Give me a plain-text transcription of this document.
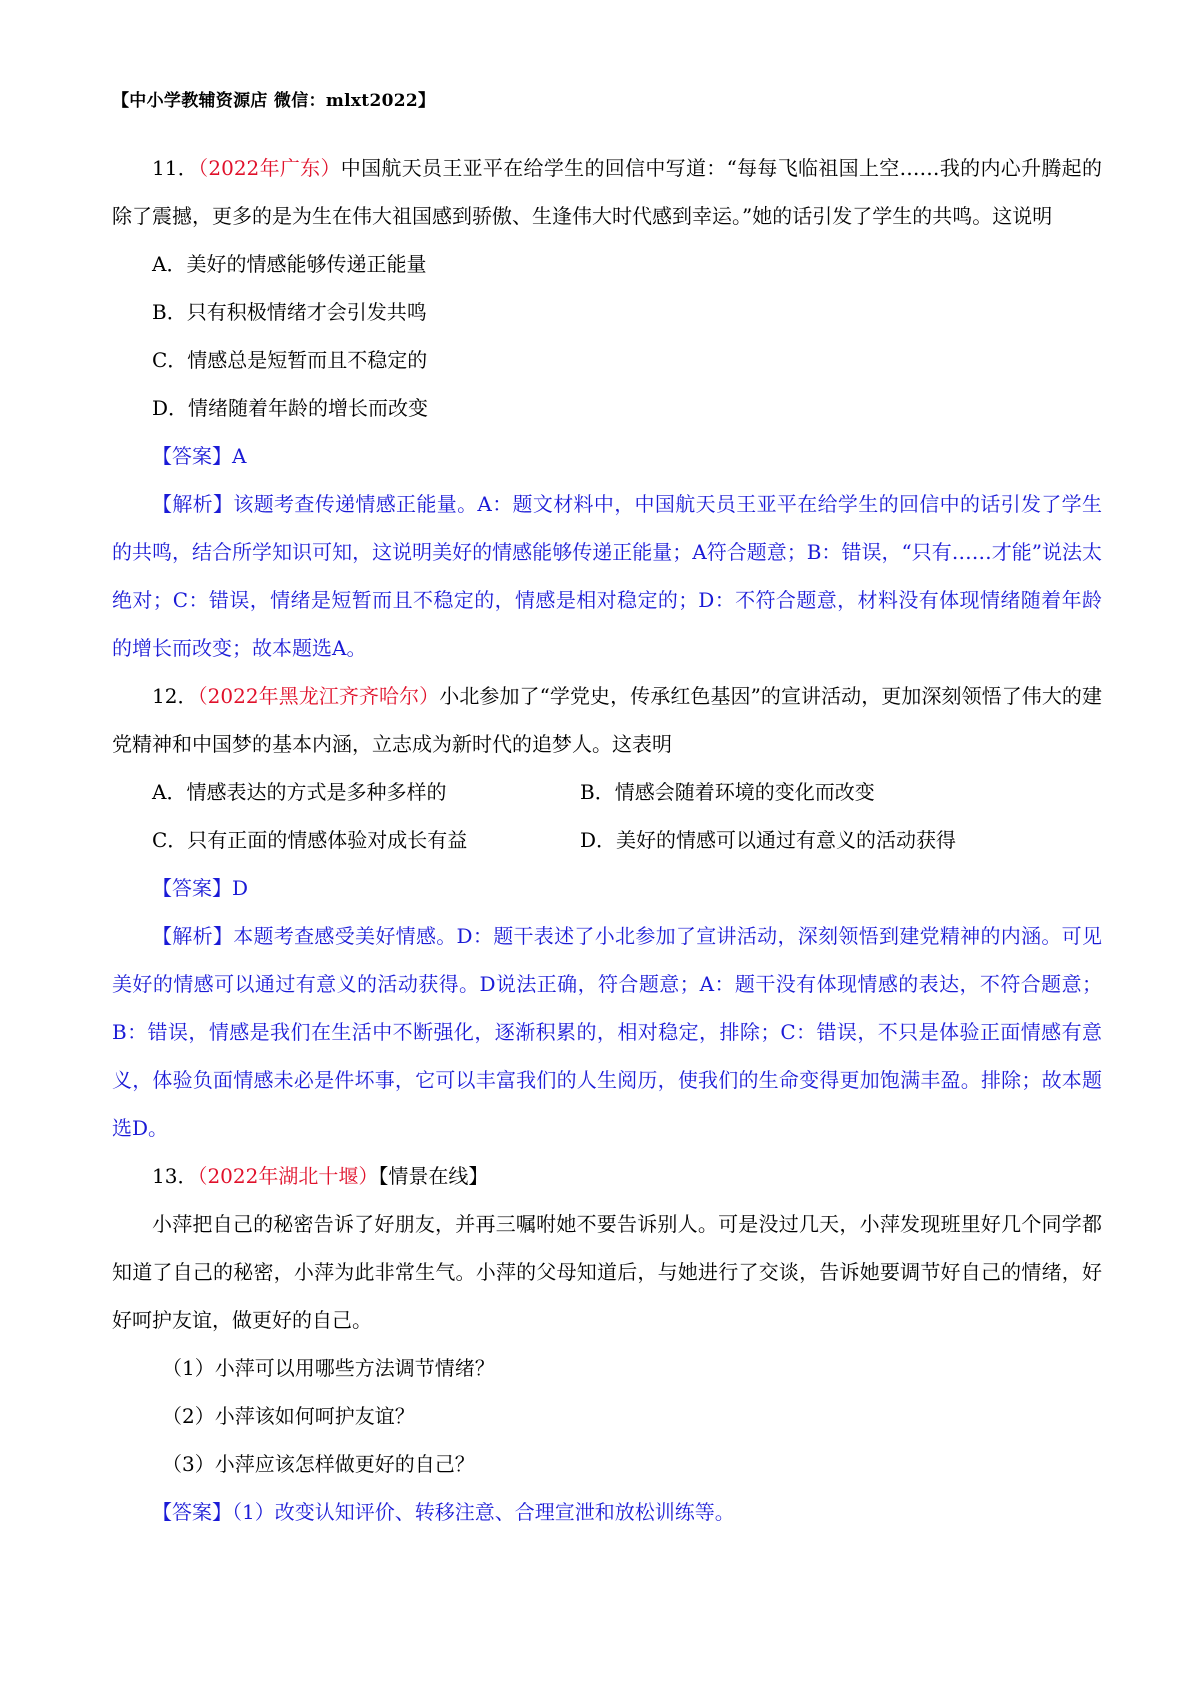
【中小学教辅资源店 微信：mlxt2022】

11．（2022年广东）中国航天员王亚平在给学生的回信中写道：“每每飞临祖国上空……我的内心升腾起的除了震撼，更多的是为生在伟大祖国感到骄傲、生逢伟大时代感到幸运。”她的话引发了学生的共鸣。这说明

A．美好的情感能够传递正能量

B．只有积极情绪才会引发共鸣

C．情感总是短暂而且不稳定的

D．情绪随着年龄的增长而改变

【答案】A

【解析】该题考查传递情感正能量。A：题文材料中，中国航天员王亚平在给学生的回信中的话引发了学生的共鸣，结合所学知识可知，这说明美好的情感能够传递正能量；A符合题意；B：错误，“只有……才能”说法太绝对；C：错误，情绪是短暂而且不稳定的，情感是相对稳定的；D：不符合题意，材料没有体现情绪随着年龄的增长而改变；故本题选A。

12．（2022年黑龙江齐齐哈尔）小北参加了“学党史，传承红色基因”的宣讲活动，更加深刻领悟了伟大的建党精神和中国梦的基本内涵，立志成为新时代的追梦人。这表明

A．情感表达的方式是多种多样的	B．情感会随着环境的变化而改变
C．只有正面的情感体验对成长有益	D．美好的情感可以通过有意义的活动获得

【答案】D

【解析】本题考查感受美好情感。D：题干表述了小北参加了宣讲活动，深刻领悟到建党精神的内涵。可见美好的情感可以通过有意义的活动获得。D说法正确，符合题意；A：题干没有体现情感的表达，不符合题意；B：错误，情感是我们在生活中不断强化，逐渐积累的，相对稳定，排除；C：错误，不只是体验正面情感有意义，体验负面情感未必是件坏事，它可以丰富我们的人生阅历，使我们的生命变得更加饱满丰盈。排除；故本题选D。

13．（2022年湖北十堰）【情景在线】

小萍把自己的秘密告诉了好朋友，并再三嘱咐她不要告诉别人。可是没过几天，小萍发现班里好几个同学都知道了自己的秘密，小萍为此非常生气。小萍的父母知道后，与她进行了交谈，告诉她要调节好自己的情绪，好好呵护友谊，做更好的自己。

（1）小萍可以用哪些方法调节情绪？

（2）小萍该如何呵护友谊？

（3）小萍应该怎样做更好的自己？

【答案】（1）改变认知评价、转移注意、合理宣泄和放松训练等。
